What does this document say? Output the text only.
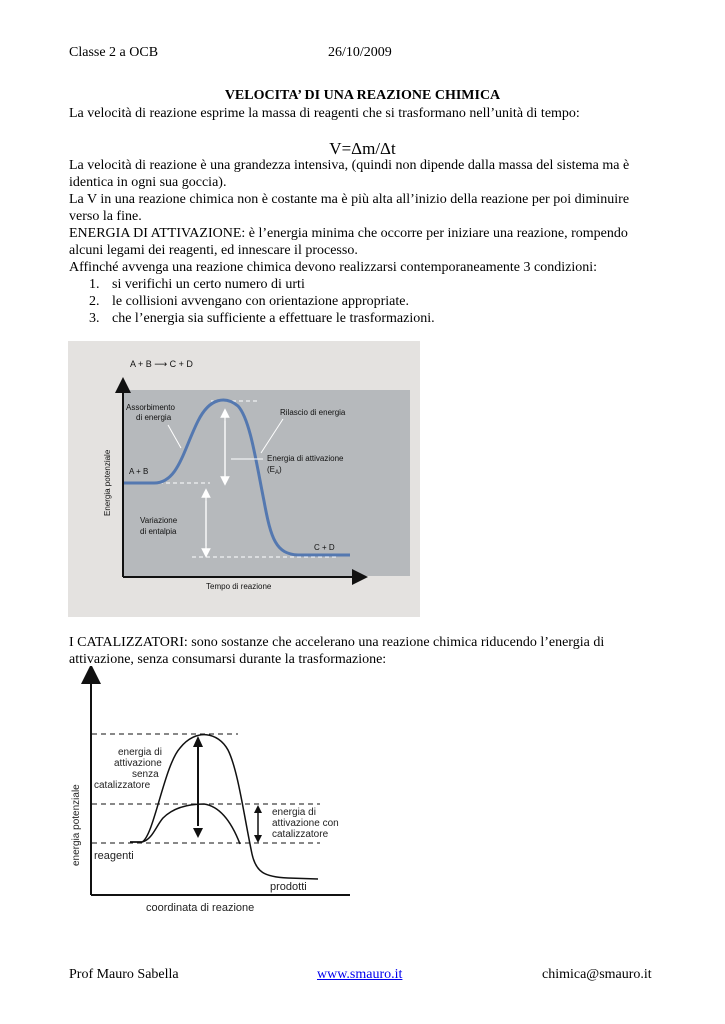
Classe 2 a OCB	26/10/2009
VELOCITA’ DI UNA REAZIONE CHIMICA
La velocità di reazione esprime la massa di reagenti che si trasformano nell’unità di tempo:
V=Δm/Δt
La velocità di reazione è una grandezza intensiva, (quindi non dipende dalla massa del sistema ma è identica in ogni sua goccia).
La V in una reazione chimica non è costante ma è più alta all’inizio della reazione per poi diminuire verso la fine.
ENERGIA DI ATTIVAZIONE: è l’energia minima che occorre per iniziare una reazione, rompendo alcuni legami dei reagenti, ed innescare il processo.
Affinché avvenga una reazione chimica devono realizzarsi contemporaneamente 3 condizioni:
1. si verifichi un certo numero di urti
2. le collisioni avvengano con orientazione appropriate.
3. che l’energia sia sufficiente a effettuare le trasformazioni.
A + B ⟶ C + D
Energia potenziale
Tempo di reazione
Assorbimento
di energia
Rilascio di energia
Energia di attivazione
$(E_A)$
A + B
C + D
Variazione
di entalpia
I CATALIZZATORI: sono sostanze che accelerano una reazione chimica riducendo l’energia di attivazione, senza consumarsi durante la trasformazione:
energia potenziale
coordinata di reazione
energia di
attivazione
senza
catalizzatore
energia di
attivazione con
catalizzatore
reagenti
prodotti
Prof Mauro Sabella	www.smauro.it	chimica@smauro.it
